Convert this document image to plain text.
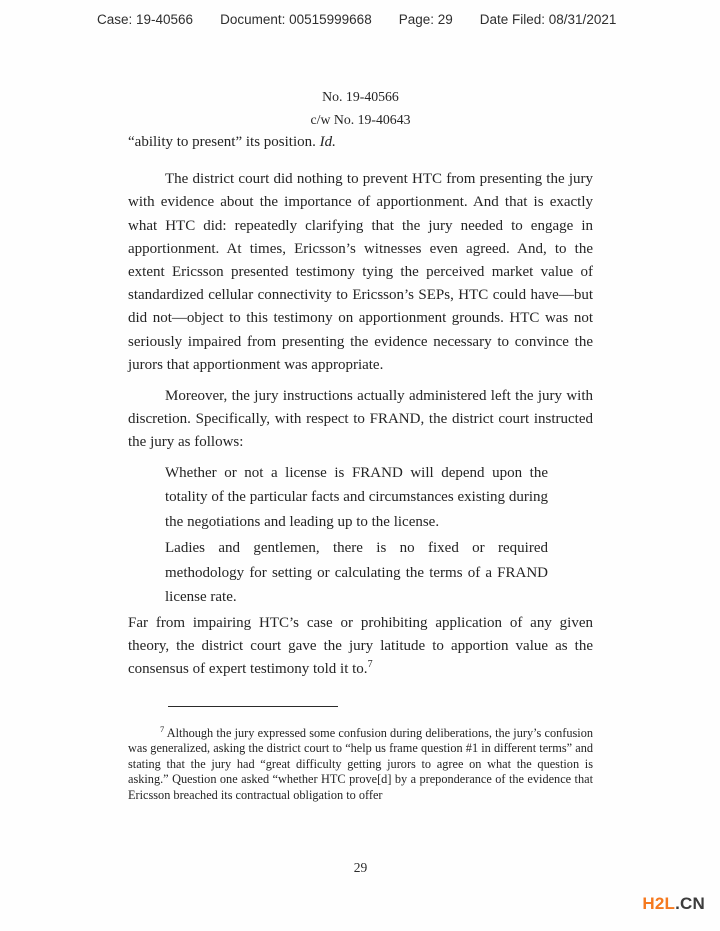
Case: 19-40566 Document: 00515999668 Page: 29 Date Filed: 08/31/2021
No. 19-40566
c/w No. 19-40643

“ability to present” its position. Id.

The district court did nothing to prevent HTC from presenting the jury with evidence about the importance of apportionment. And that is exactly what HTC did: repeatedly clarifying that the jury needed to engage in apportionment. At times, Ericsson’s witnesses even agreed. And, to the extent Ericsson presented testimony tying the perceived market value of standardized cellular connectivity to Ericsson’s SEPs, HTC could have—but did not—object to this testimony on apportionment grounds. HTC was not seriously impaired from presenting the evidence necessary to convince the jurors that apportionment was appropriate.

Moreover, the jury instructions actually administered left the jury with discretion. Specifically, with respect to FRAND, the district court instructed the jury as follows:

Whether or not a license is FRAND will depend upon the totality of the particular facts and circumstances existing during the negotiations and leading up to the license.

Ladies and gentlemen, there is no fixed or required methodology for setting or calculating the terms of a FRAND license rate.

Far from impairing HTC’s case or prohibiting application of any given theory, the district court gave the jury latitude to apportion value as the consensus of expert testimony told it to.$^7$

$^7$ Although the jury expressed some confusion during deliberations, the jury’s confusion was generalized, asking the district court to “help us frame question #1 in different terms” and stating that the jury had “great difficulty getting jurors to agree on what the question is asking.” Question one asked “whether HTC prove[d] by a preponderance of the evidence that Ericsson breached its contractual obligation to offer

29
H2L.CN
